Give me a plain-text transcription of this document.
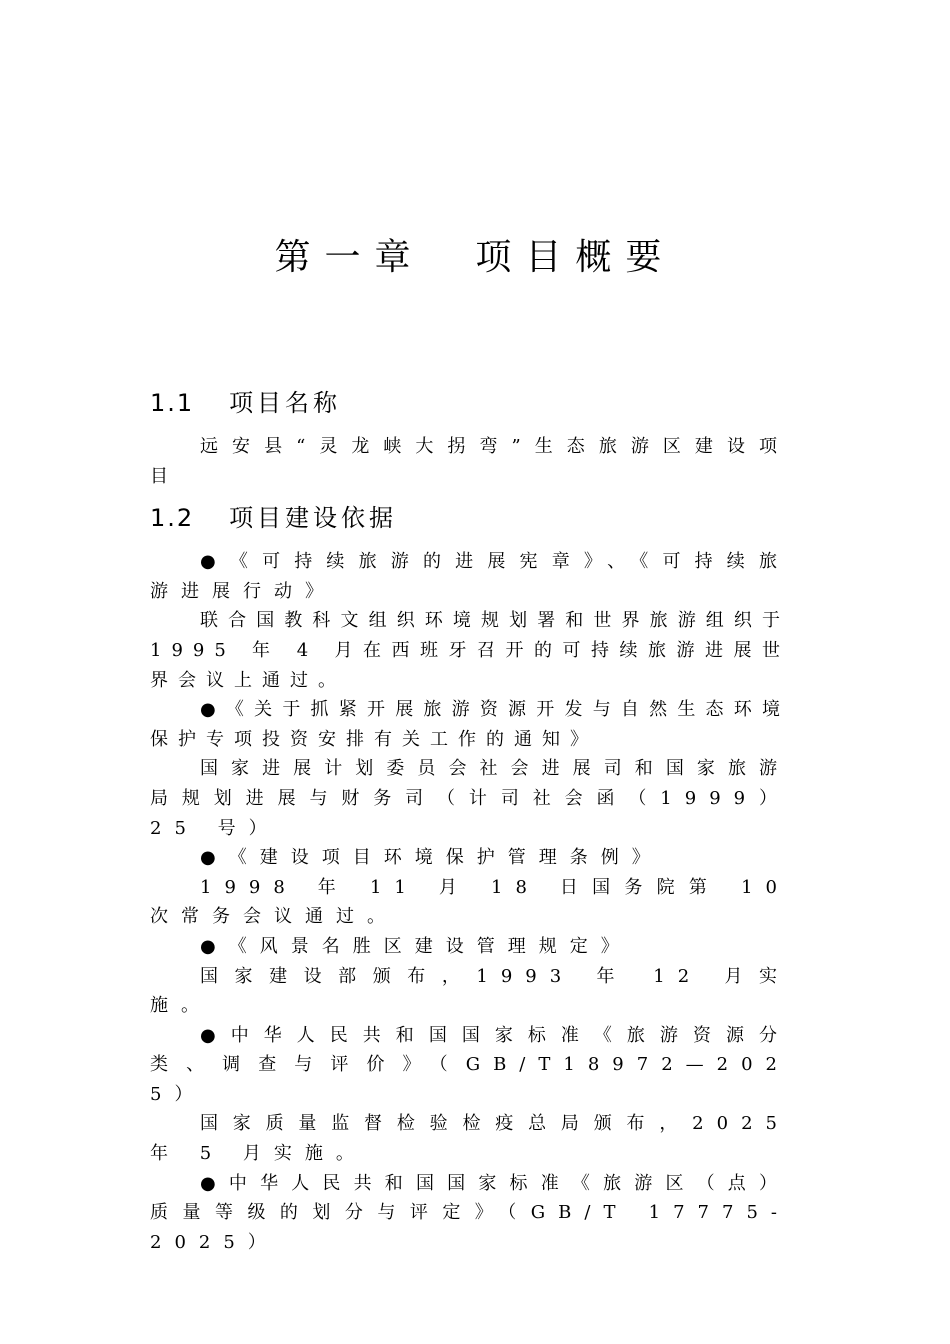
第一章  项目概要
1.1 项目名称

远安县“灵龙峡大拐弯”生态旅游区建设项目

1.2 项目建设依据

●《可持续旅游的进展宪章》、《可持续旅游进展行动》

联合国教科文组织环境规划署和世界旅游组织于 1995 年 4 月在西班牙召开的可持续旅游进展世界会议上通过。

●《关于抓紧开展旅游资源开发与自然生态环境保护专项投资安排有关工作的通知》

国家进展计划委员会社会进展司和国家旅游局规划进展与财务司（计司社会函（1999）25 号）

●《建设项目环境保护管理条例》

1998 年 11 月 18 日国务院第 10 次常务会议通过。

●《风景名胜区建设管理规定》

国家建设部颁布，1993 年 12 月实施。

●中华人民共和国国家标准《旅游资源分类、调查与评价》（GB/T18972—2025）

国家质量监督检验检疫总局颁布，2025 年 5 月实施。

●中华人民共和国国家标准《旅游区（点）质量等级的划分与评定》（GB/T 17775-2025）
